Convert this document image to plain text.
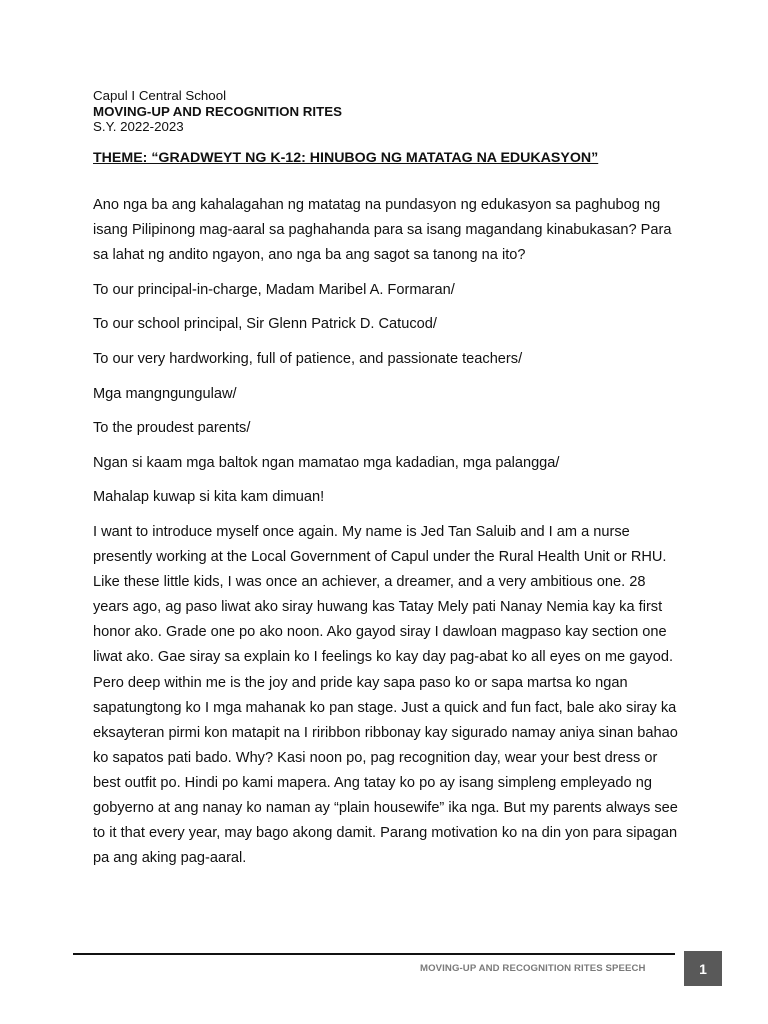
Capul I Central School
MOVING-UP AND RECOGNITION RITES
S.Y. 2022-2023
THEME: “GRADWEYT NG K-12: HINUBOG NG MATATAG NA EDUKASYON”

Ano nga ba ang kahalagahan ng matatag na pundasyon ng edukasyon sa paghubog ng isang Pilipinong mag-aaral sa paghahanda para sa isang magandang kinabukasan? Para sa lahat ng andito ngayon, ano nga ba ang sagot sa tanong na ito?

To our principal-in-charge, Madam Maribel A. Formaran/

To our school principal, Sir Glenn Patrick D. Catucod/

To our very hardworking, full of patience, and passionate teachers/

Mga mangngungulaw/

To the proudest parents/

Ngan si kaam mga baltok ngan mamatao mga kadadian, mga palangga/

Mahalap kuwap si kita kam dimuan!

I want to introduce myself once again. My name is Jed Tan Saluib and I am a nurse presently working at the Local Government of Capul under the Rural Health Unit or RHU. Like these little kids, I was once an achiever, a dreamer, and a very ambitious one. 28 years ago, ag paso liwat ako siray huwang kas Tatay Mely pati Nanay Nemia kay ka first honor ako. Grade one po ako noon. Ako gayod siray I dawloan magpaso kay section one liwat ako. Gae siray sa explain ko I feelings ko kay day pag-abat ko all eyes on me gayod. Pero deep within me is the joy and pride kay sapa paso ko or sapa martsa ko ngan sapatungtong ko I mga mahanak ko pan stage. Just a quick and fun fact, bale ako siray ka eksayteran pirmi kon matapit na I riribbon ribbonay kay sigurado namay aniya sinan bahao ko sapatos pati bado. Why? Kasi noon po, pag recognition day, wear your best dress or best outfit po. Hindi po kami mapera. Ang tatay ko po ay isang simpleng empleyado ng gobyerno at ang nanay ko naman ay “plain housewife” ika nga. But my parents always see to it that every year, may bago akong damit. Parang motivation ko na din yon para sipagan pa ang aking pag-aaral.

MOVING-UP AND RECOGNITION RITES SPEECH	1
